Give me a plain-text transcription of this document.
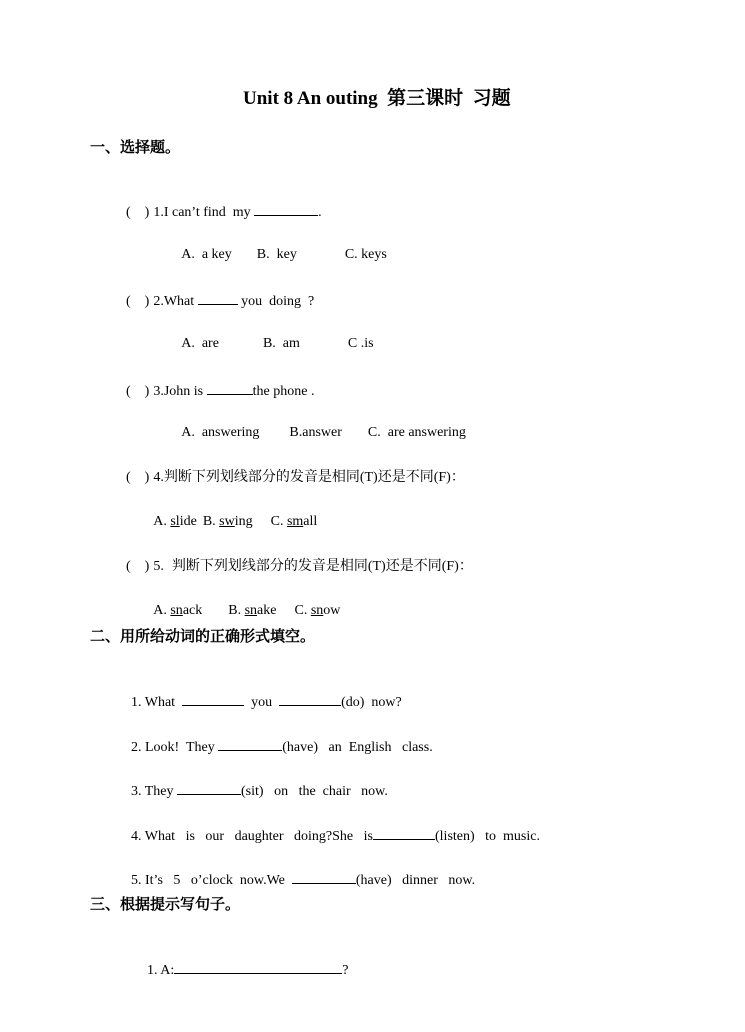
Unit 8 An outing  第三课时  习题
一、选择题。

(    ) 1.I can’t find  my	.

A.  a key B.  key	C. keys

(    ) 2.What	you  doing  ?

A.  are	B.  am	C .is

(    ) 3.John is	the phone .

A.  answering B.answer C.  are answering

(    ) 4.判断下列划线部分的发音是相同(T)还是不同(F)：

A. slide B. swing C. small

(    ) 5. 判断下列划线部分的发音是相同(T)还是不同(F)：

A. snack B. snake C. snow

二、用所给动词的正确形式填空。

1. What	you	(do)  now?

2. Look!  They	(have)   an  English   class.

3. They	(sit)   on   the  chair   now.

4. What   is   our   daughter   doing?She   is	(listen)   to  music.

5. It’s   5   o’clock  now.We	(have)   dinner   now.

三、根据提示写句子。

1. A:	?
